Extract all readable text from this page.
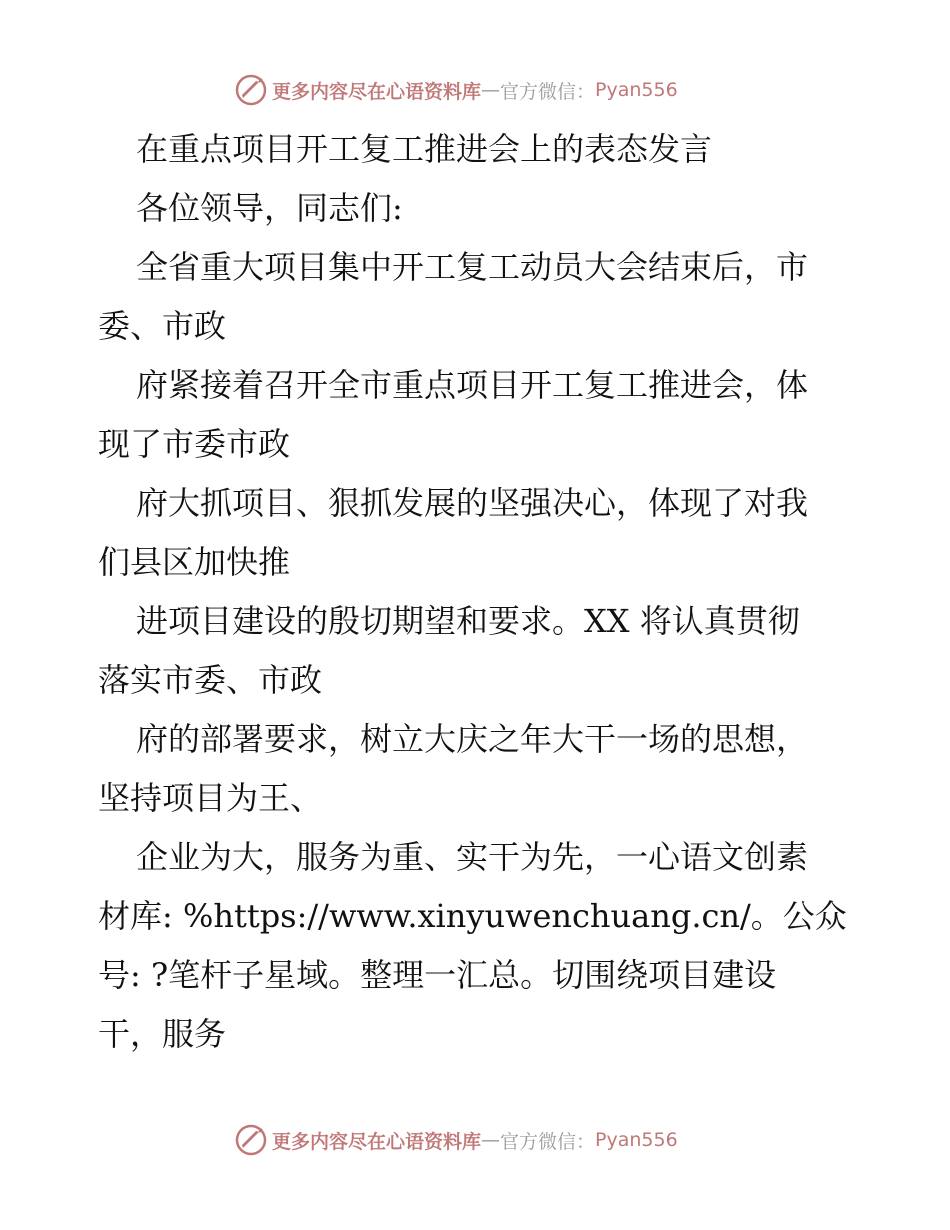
更多内容尽在心语资料库 — 官方微信： Pyan556
在重点项目开工复工推进会上的表态发言
各位领导，同志们:
全省重大项目集中开工复工动员大会结束后，市
委、市政
府紧接着召开全市重点项目开工复工推进会，体
现了市委市政
府大抓项目、狠抓发展的坚强决心，体现了对我
们县区加快推
进项目建设的殷切期望和要求。XX 将认真贯彻
落实市委、市政
府的部署要求，树立大庆之年大干一场的思想，
坚持项目为王、
企业为大，服务为重、实干为先，一心语文创素
材库: %https://www.xinyuwenchuang.cn/。公众
号: ?笔杆子星域。整理一汇总。切围绕项目建设
干，服务
更多内容尽在心语资料库 — 官方微信： Pyan556
